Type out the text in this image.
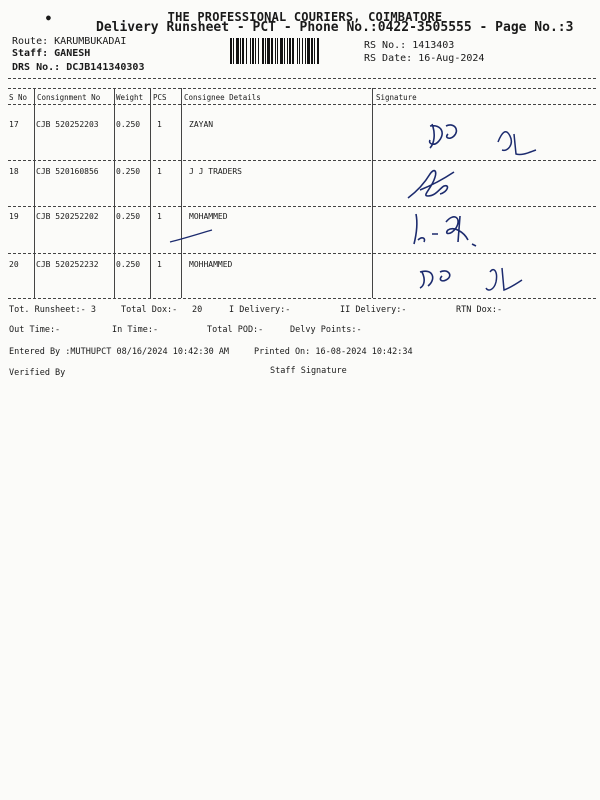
THE PROFESSIONAL COURIERS, COIMBATORE
Delivery Runsheet - PCT - Phone No.:0422-3505555 - Page No.:3
Route: KARUMBUKADAI
Staff: GANESH
DRS No.: DCJB141340303
RS No.: 1413403
RS Date: 16-Aug-2024
S No Consignment No Weight PCS Consignee Details	Signature
17 CJB 520252203 0.250 1	ZAYAN
18 CJB 520160856 0.250 1	J J TRADERS
19 CJB 520252202 0.250 1	MOHAMMED
20 CJB 520252232 0.250 1	MOHHAMMED
Tot. Runsheet:- 3	Total Dox:- 20	I Delivery:-	II Delivery:-	RTN Dox:-
Out Time:-	In Time:-	Total POD:-	Delvy Points:-
Entered By :MUTHUPCT 08/16/2024 10:42:30 AM	Printed On: 16-08-2024 10:42:34
Verified By	Staff Signature
●
